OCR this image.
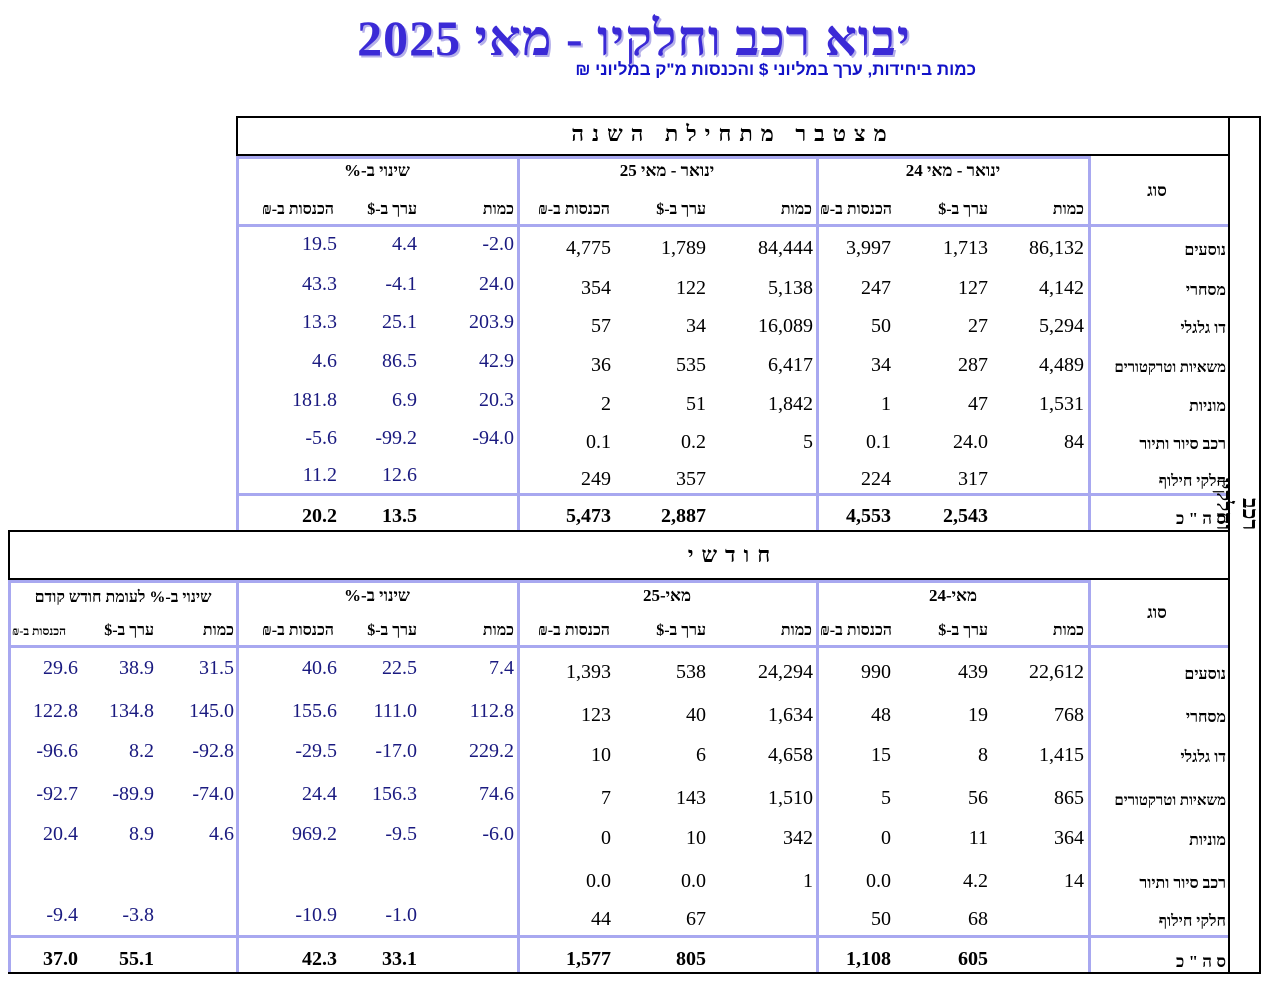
יבוא רכב וחלקיו - מאי 2025
כמות ביחידות, ערך במליוני $ והכנסות מ"ק במליוני ₪
מצטבר מתחילת השנה
סוג
ינואר - מאי 24
ינואר - מאי 25
שינוי ב-%
כמות
ערך ב-$
הכנסות ב-₪
כמות
ערך ב-$
הכנסות ב-₪
כמות
ערך ב-$
הכנסות ב-₪
נוסעים
86,132
1,713
3,997
84,444
1,789
4,775
-2.0
4.4
19.5
מסחרי
4,142
127
247
5,138
122
354
24.0
-4.1
43.3
דו גלגלי
5,294
27
50
16,089
34
57
203.9
25.1
13.3
משאיות וטרקטורים
4,489
287
34
6,417
535
36
42.9
86.5
4.6
מוניות
1,531
47
1
1,842
51
2
20.3
6.9
181.8
רכב סיור ותיור
84
24.0
0.1
5
0.2
0.1
-94.0
-99.2
-5.6
חלקי חילוף
317
224
357
249
12.6
11.2
ס ה " כ
2,543
4,553
2,887
5,473
13.5
20.2
חודשי
סוג
מאי-24
מאי-25
שינוי ב-%
שינוי ב-% לעומת חודש קודם
כמות
ערך ב-$
הכנסות ב-₪
כמות
ערך ב-$
הכנסות ב-₪
כמות
ערך ב-$
הכנסות ב-₪
כמות
ערך ב-$
הכנסות ב-₪
נוסעים
22,612
439
990
24,294
538
1,393
7.4
22.5
40.6
31.5
38.9
29.6
מסחרי
768
19
48
1,634
40
123
112.8
111.0
155.6
145.0
134.8
122.8
דו גלגלי
1,415
8
15
4,658
6
10
229.2
-17.0
-29.5
-92.8
8.2
-96.6
משאיות וטרקטורים
865
56
5
1,510
143
7
74.6
156.3
24.4
-74.0
-89.9
-92.7
מוניות
364
11
0
342
10
0
-6.0
-9.5
969.2
4.6
8.9
20.4
רכב סיור ותיור
14
4.2
0.0
1
0.0
0.0
חלקי חילוף
68
50
67
44
-1.0
-10.9
-3.8
-9.4
ס ה " כ
605
1,108
805
1,577
33.1
42.3
55.1
37.0
רכב וחלקיו
